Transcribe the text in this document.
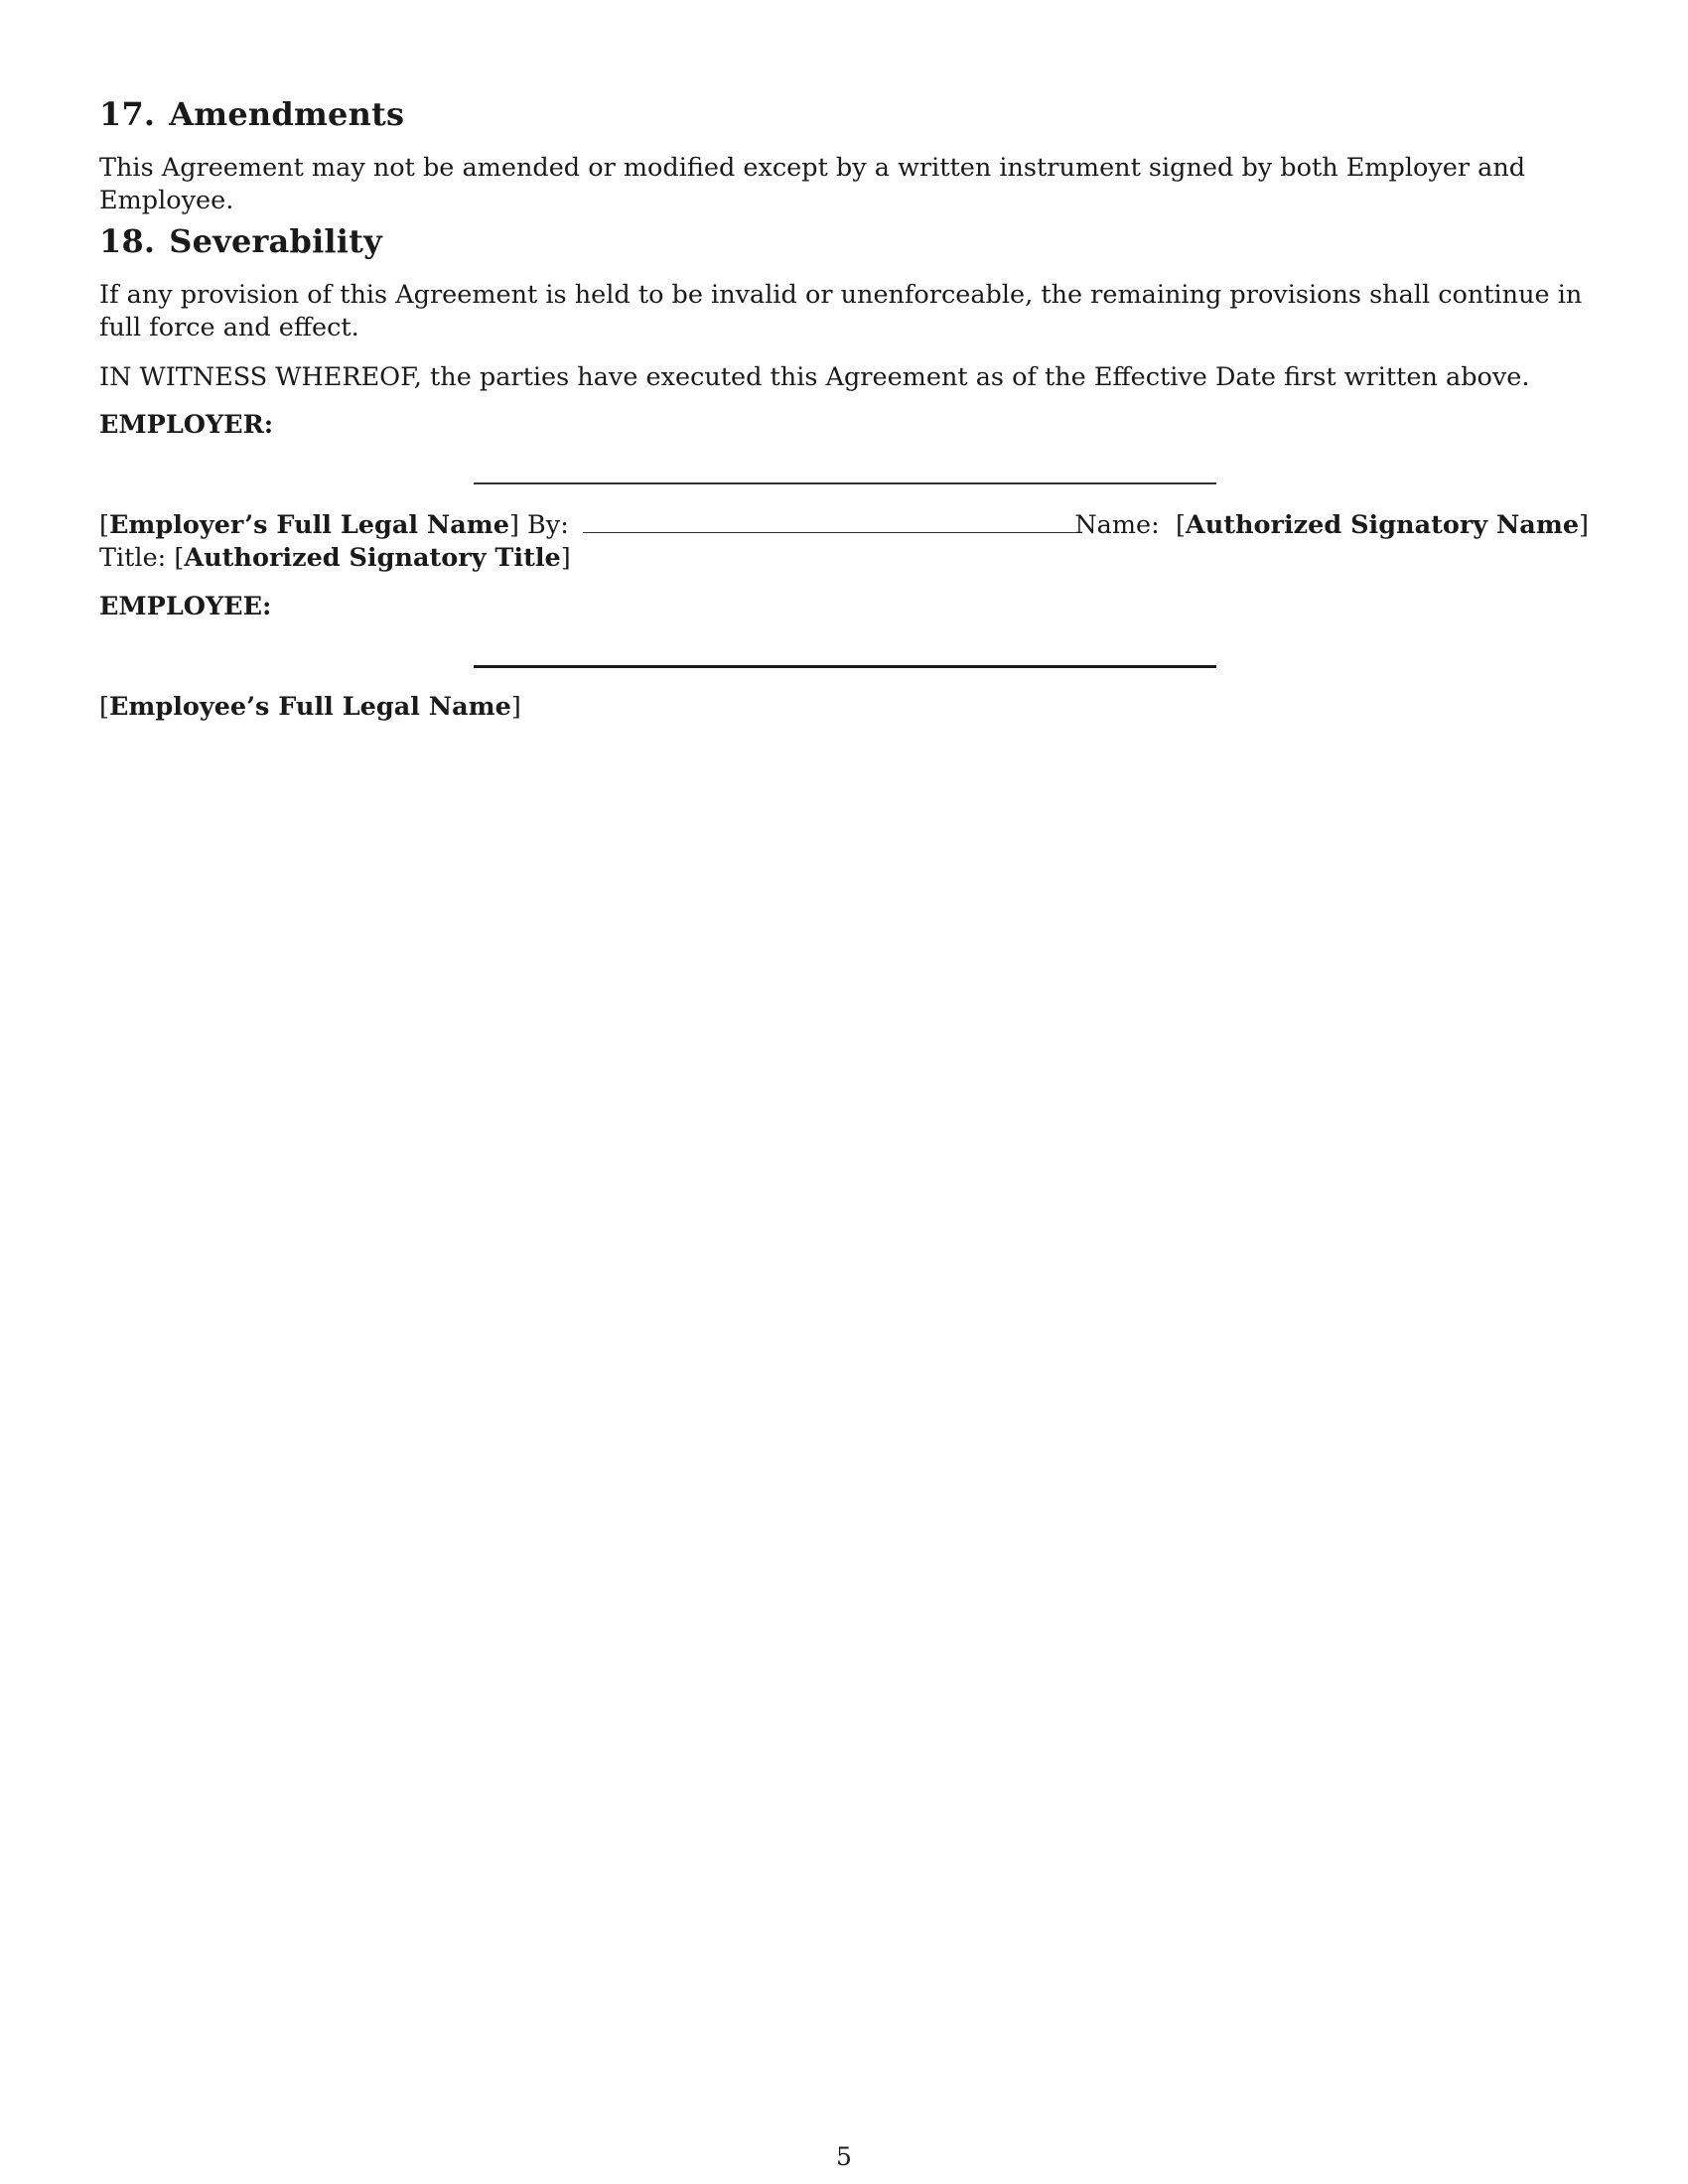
17. Amendments

This Agreement may not be amended or modified except by a written instrument signed by both Employer and Employee.

18. Severability

If any provision of this Agreement is held to be invalid or unenforceable, the remaining provisions shall continue in full force and effect.

IN WITNESS WHEREOF, the parties have executed this Agreement as of the Effective Date first written above.

EMPLOYER:

[Employer’s Full Legal Name] By:	Name:  [Authorized Signatory Name]
Title: [Authorized Signatory Title]

EMPLOYEE:

[Employee’s Full Legal Name]
5
